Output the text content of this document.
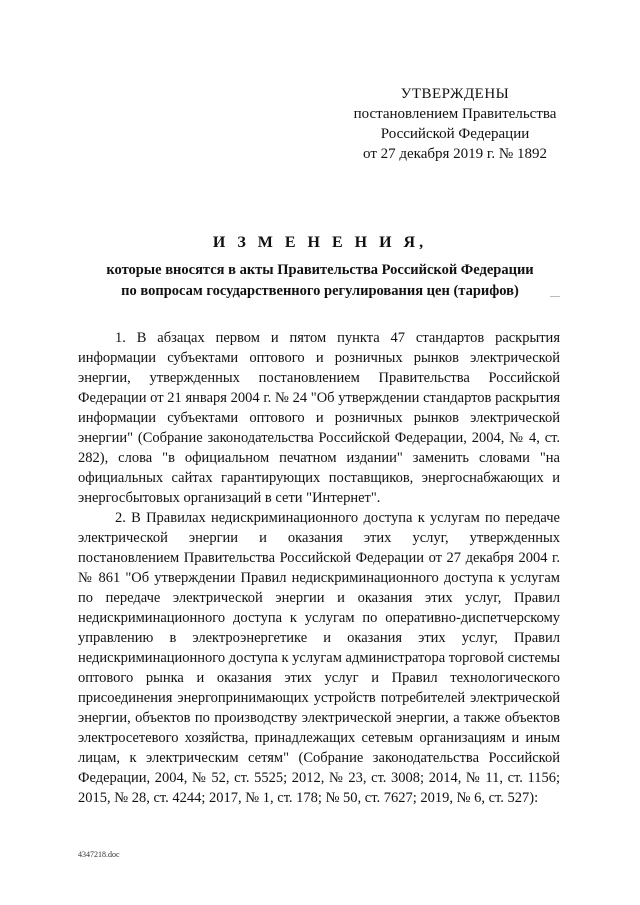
УТВЕРЖДЕНЫ
постановлением Правительства
Российской Федерации
от 27 декабря 2019 г. № 1892
И З М Е Н Е Н И Я,
которые вносятся в акты Правительства Российской Федерации
по вопросам государственного регулирования цен (тарифов)

1. В абзацах первом и пятом пункта 47 стандартов раскрытия информации субъектами оптового и розничных рынков электрической энергии, утвержденных постановлением Правительства Российской Федерации от 21 января 2004 г. № 24 "Об утверждении стандартов раскрытия информации субъектами оптового и розничных рынков электрической энергии" (Собрание законодательства Российской Федерации, 2004, № 4, ст. 282), слова "в официальном печатном издании" заменить словами "на официальных сайтах гарантирующих поставщиков, энергоснабжающих и энергосбытовых организаций в сети "Интернет".

2. В Правилах недискриминационного доступа к услугам по передаче электрической энергии и оказания этих услуг, утвержденных постановлением Правительства Российской Федерации от 27 декабря 2004 г. № 861 "Об утверждении Правил недискриминационного доступа к услугам по передаче электрической энергии и оказания этих услуг, Правил недискриминационного доступа к услугам по оперативно-диспетчерскому управлению в электроэнергетике и оказания этих услуг, Правил недискриминационного доступа к услугам администратора торговой системы оптового рынка и оказания этих услуг и Правил технологического присоединения энергопринимающих устройств потребителей электрической энергии, объектов по производству электрической энергии, а также объектов электросетевого хозяйства, принадлежащих сетевым организациям и иным лицам, к электрическим сетям" (Собрание законодательства Российской Федерации, 2004, № 52, ст. 5525; 2012, № 23, ст. 3008; 2014, № 11, ст. 1156; 2015, № 28, ст. 4244; 2017, № 1, ст. 178; № 50, ст. 7627; 2019, № 6, ст. 527):

4347218.doc
